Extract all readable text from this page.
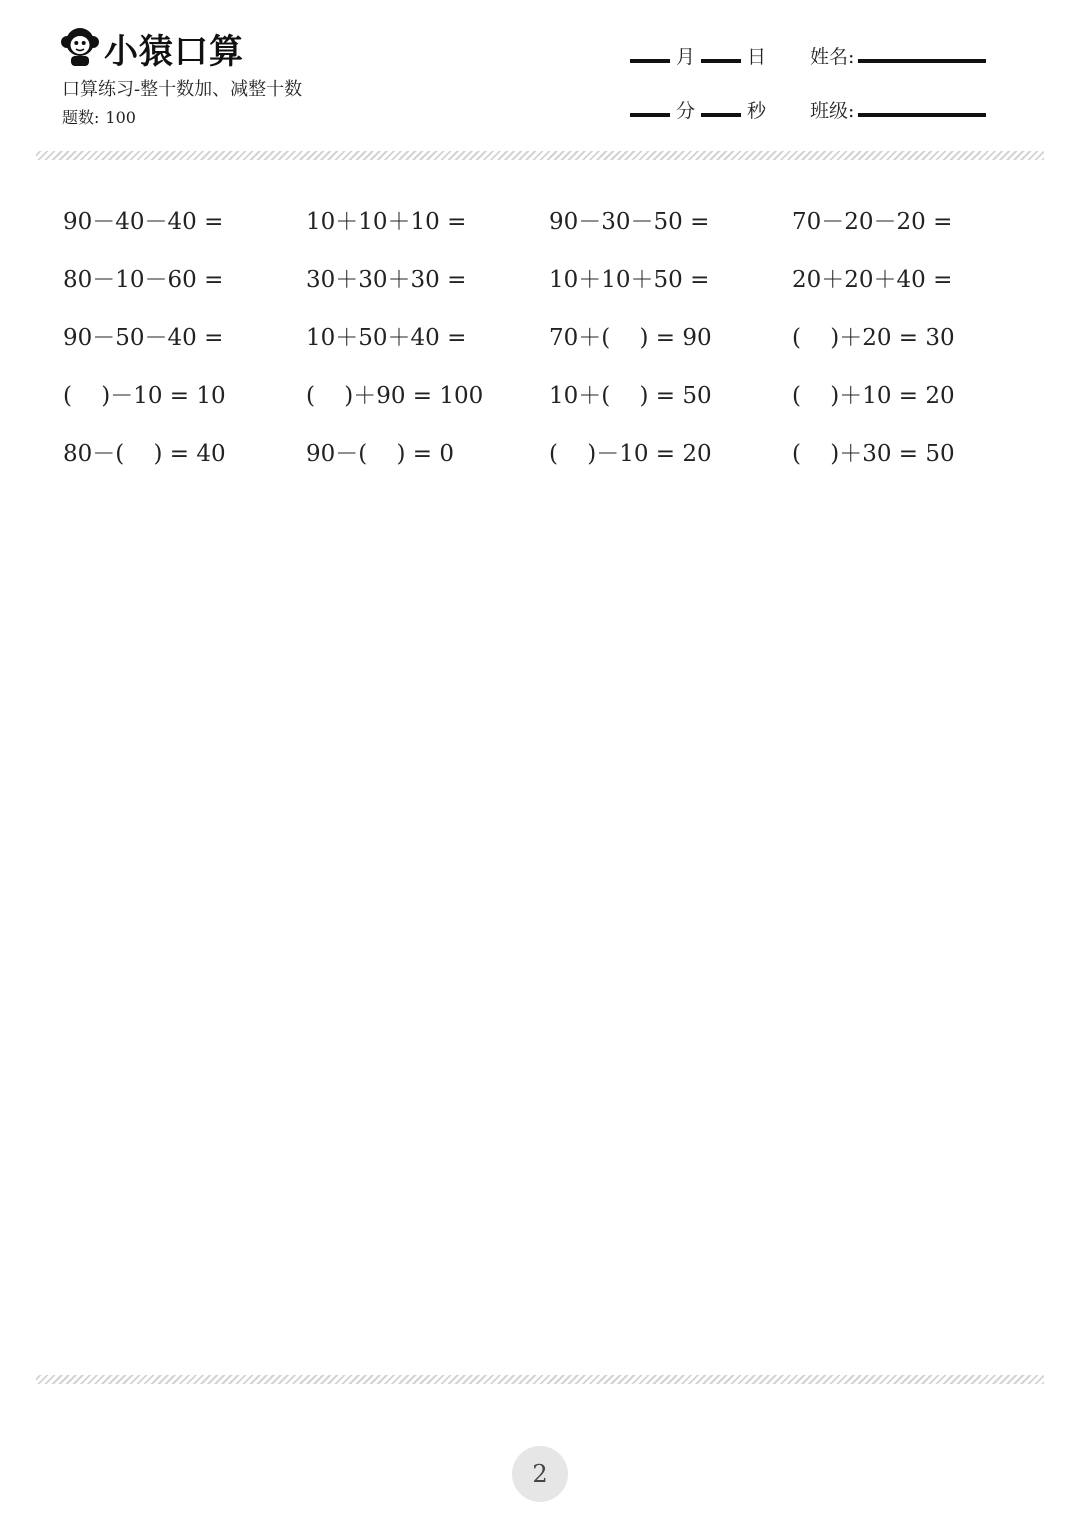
小猿口算
口算练习-整十数加、减整十数
题数: 100
月	日 姓名:
分	秒 班级:
90－40－40 =	10＋10＋10 =	90－30－50 =	70－20－20 =
80－10－60 =	30＋30＋30 =	10＋10＋50 =	20＋20＋40 =
90－50－40 =	10＋50＋40 =	70＋(    ) = 90	(    )＋20 = 30
(    )－10 = 10	(    )＋90 = 100	10＋(    ) = 50	(    )＋10 = 20
80－(    ) = 40	90－(    ) = 0	(    )－10 = 20	(    )＋30 = 50
2
